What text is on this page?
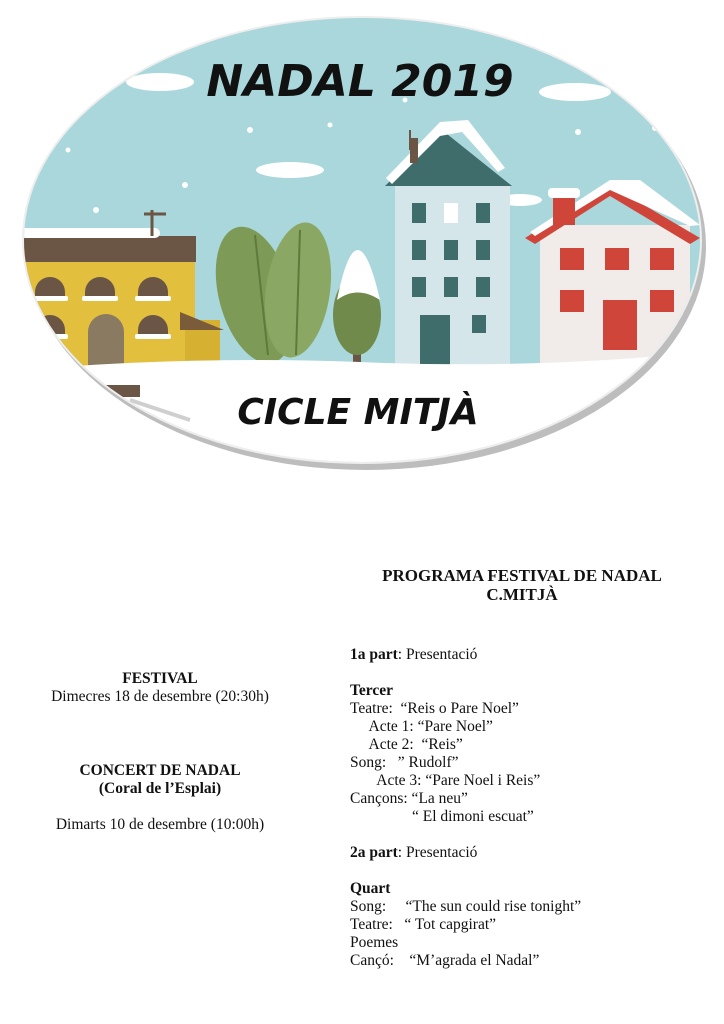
NADAL 2019
CICLE MITJÀ
FESTIVAL
Dimecres 18 de desembre (20:30h)
CONCERT DE NADAL
(Coral de l’Esplai)
Dimarts 10 de desembre (10:00h)
PROGRAMA FESTIVAL DE NADAL
C.MITJÀ
1a part: Presentació
Tercer
Teatre:  “Reis o Pare Noel”
Acte 1: “Pare Noel”
Acte 2:  “Reis”
Song:   ” Rudolf”
Acte 3: “Pare Noel i Reis”
Cançons: “La neu”
“ El dimoni escuat”
2a part: Presentació
Quart
Song:     “The sun could rise tonight”
Teatre:   “ Tot capgirat”
Poemes
Cançó:    “M’agrada el Nadal”
